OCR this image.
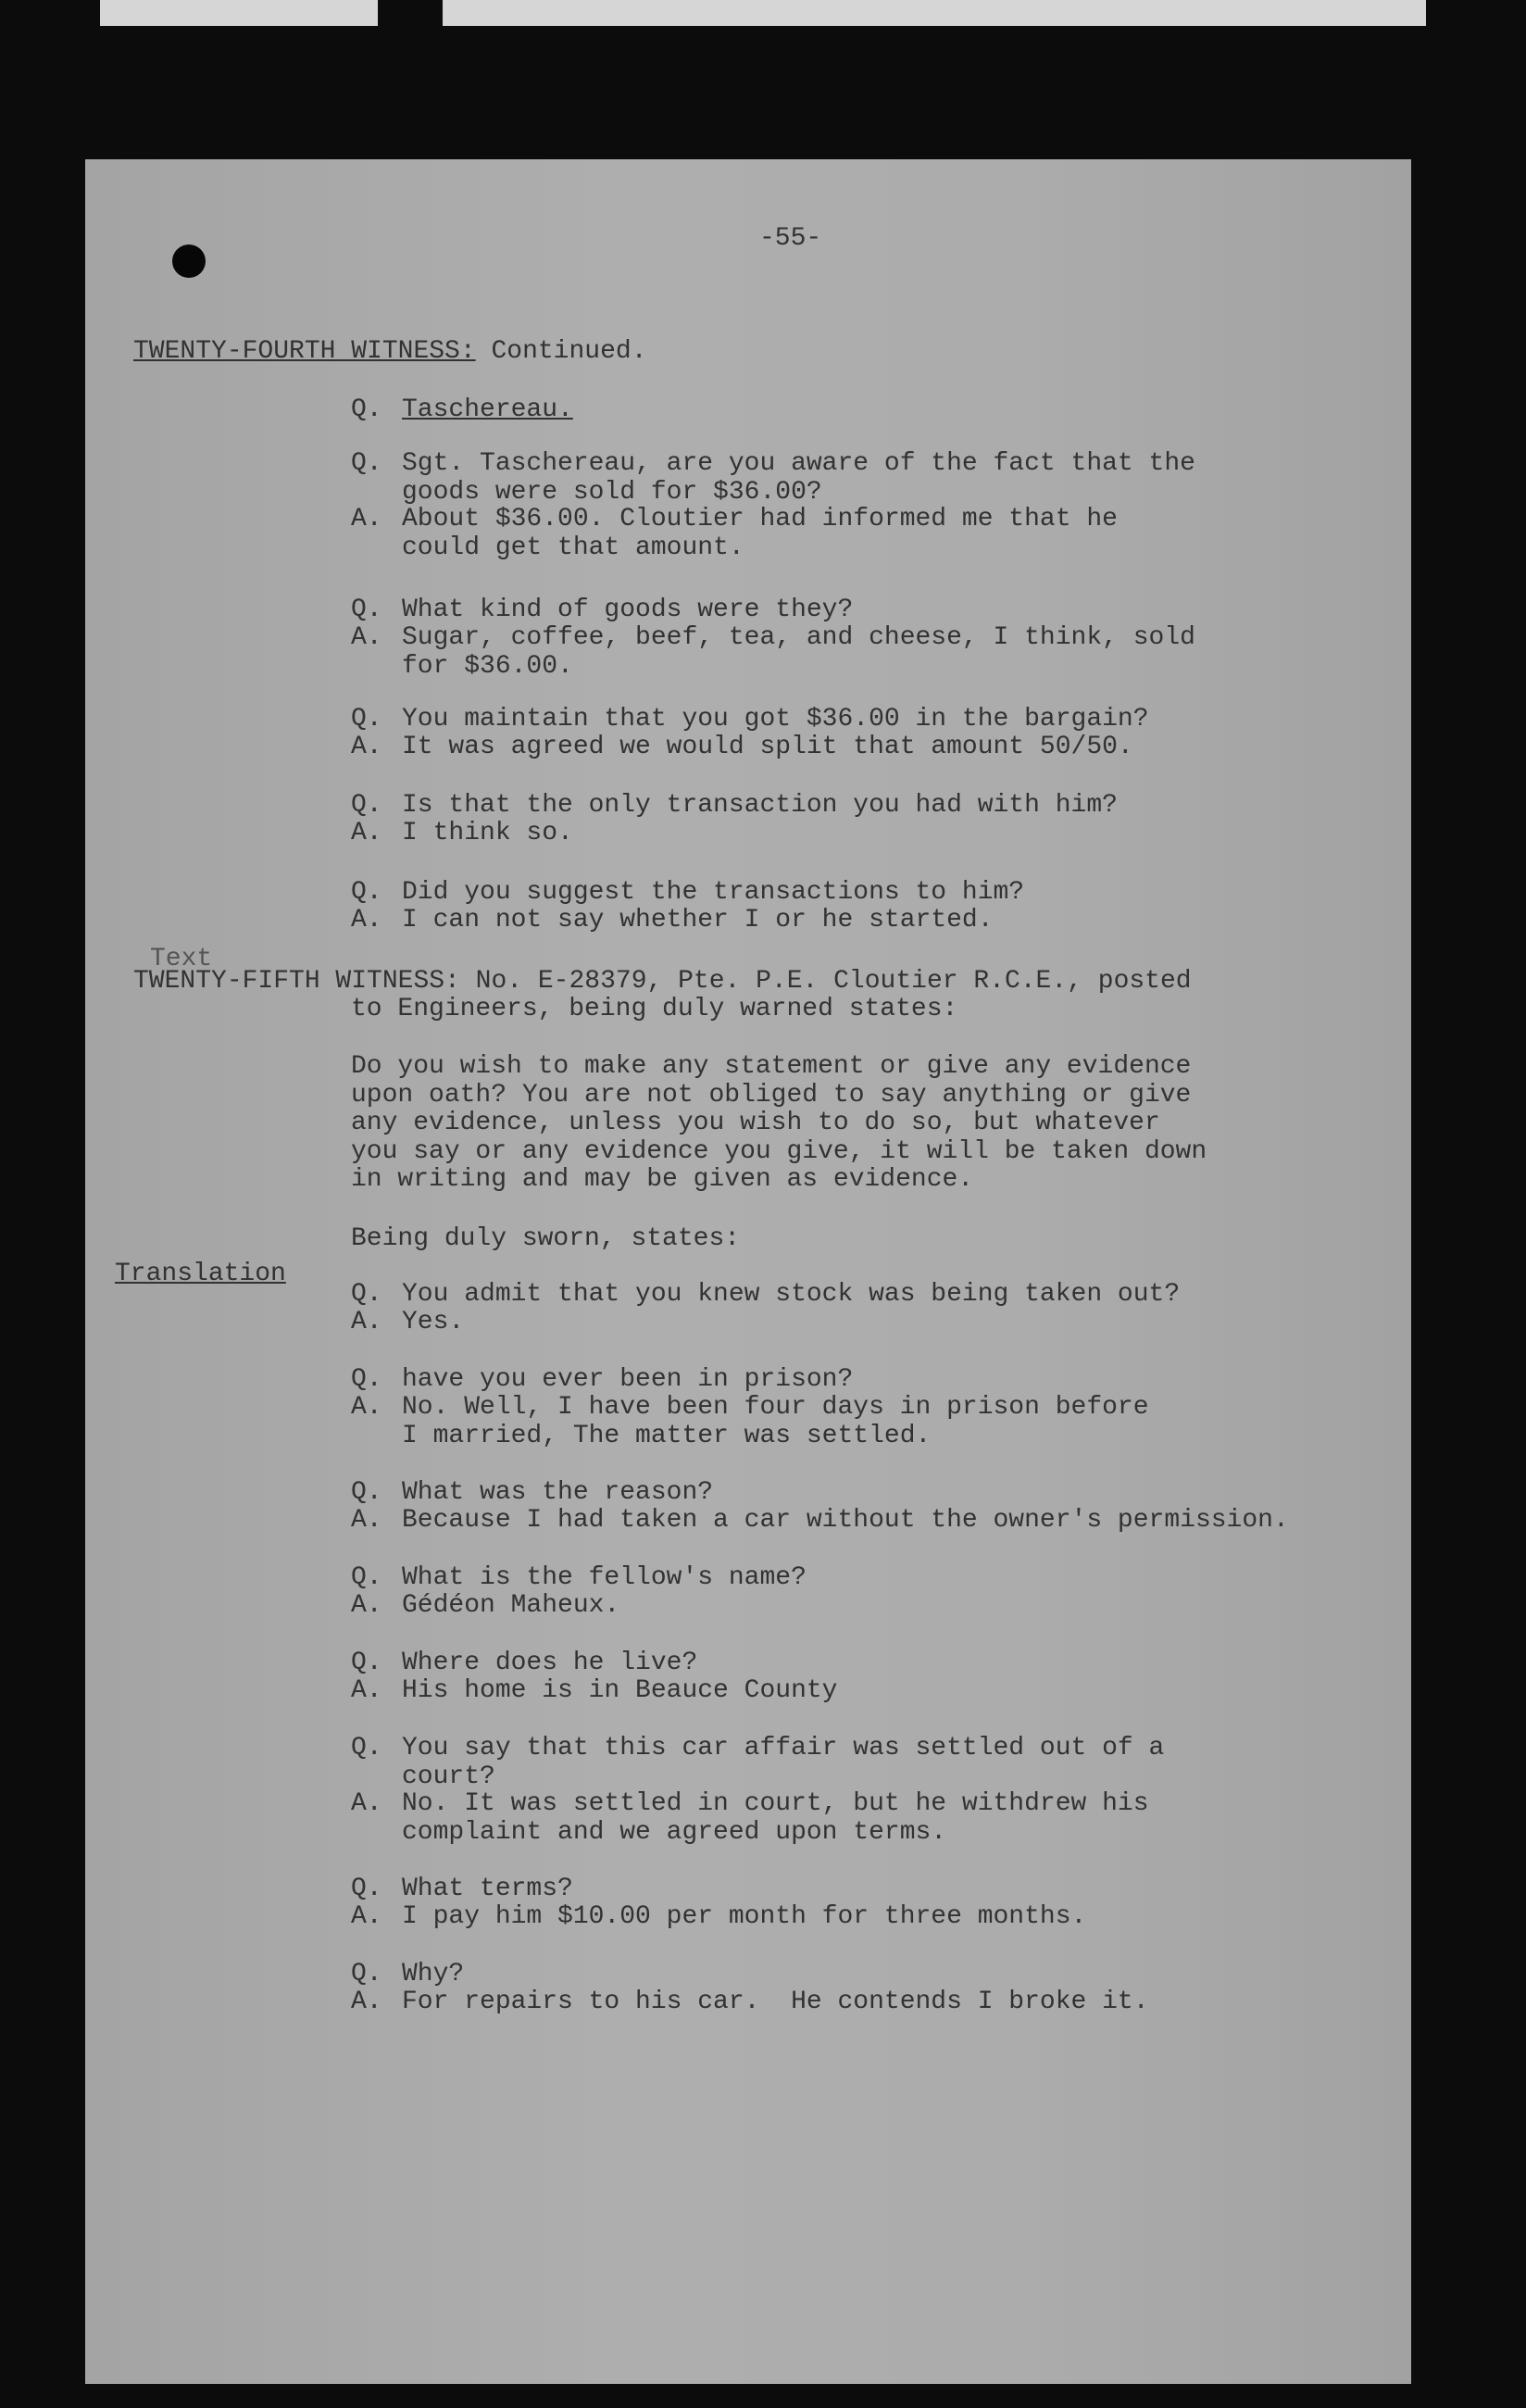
-55-
TWENTY-FOURTH WITNESS: Continued.
Q. Taschereau.
Q. Sgt. Taschereau, are you aware of the fact that the
goods were sold for $36.00?
A. About $36.00. Cloutier had informed me that he
could get that amount.
Q. What kind of goods were they?
A. Sugar, coffee, beef, tea, and cheese, I think, sold
for $36.00.
Q. You maintain that you got $36.00 in the bargain?
A. It was agreed we would split that amount 50/50.
Q. Is that the only transaction you had with him?
A. I think so.
Q. Did you suggest the transactions to him?
A. I can not say whether I or he started.
Text
TWENTY-FIFTH WITNESS: No. E-28379, Pte. P.E. Cloutier R.C.E., posted
to Engineers, being duly warned states:
Do you wish to make any statement or give any evidence
upon oath? You are not obliged to say anything or give
any evidence, unless you wish to do so, but whatever
you say or any evidence you give, it will be taken down
in writing and may be given as evidence.
Being duly sworn, states:
Translation
Q. You admit that you knew stock was being taken out?
A. Yes.
Q. have you ever been in prison?
A. No. Well, I have been four days in prison before
I married, The matter was settled.
Q. What was the reason?
A. Because I had taken a car without the owner's permission.
Q. What is the fellow's name?
A. Gédéon Maheux.
Q. Where does he live?
A. His home is in Beauce County
Q. You say that this car affair was settled out of a
court?
A. No. It was settled in court, but he withdrew his
complaint and we agreed upon terms.
Q. What terms?
A. I pay him $10.00 per month for three months.
Q. Why?
A. For repairs to his car.  He contends I broke it.
